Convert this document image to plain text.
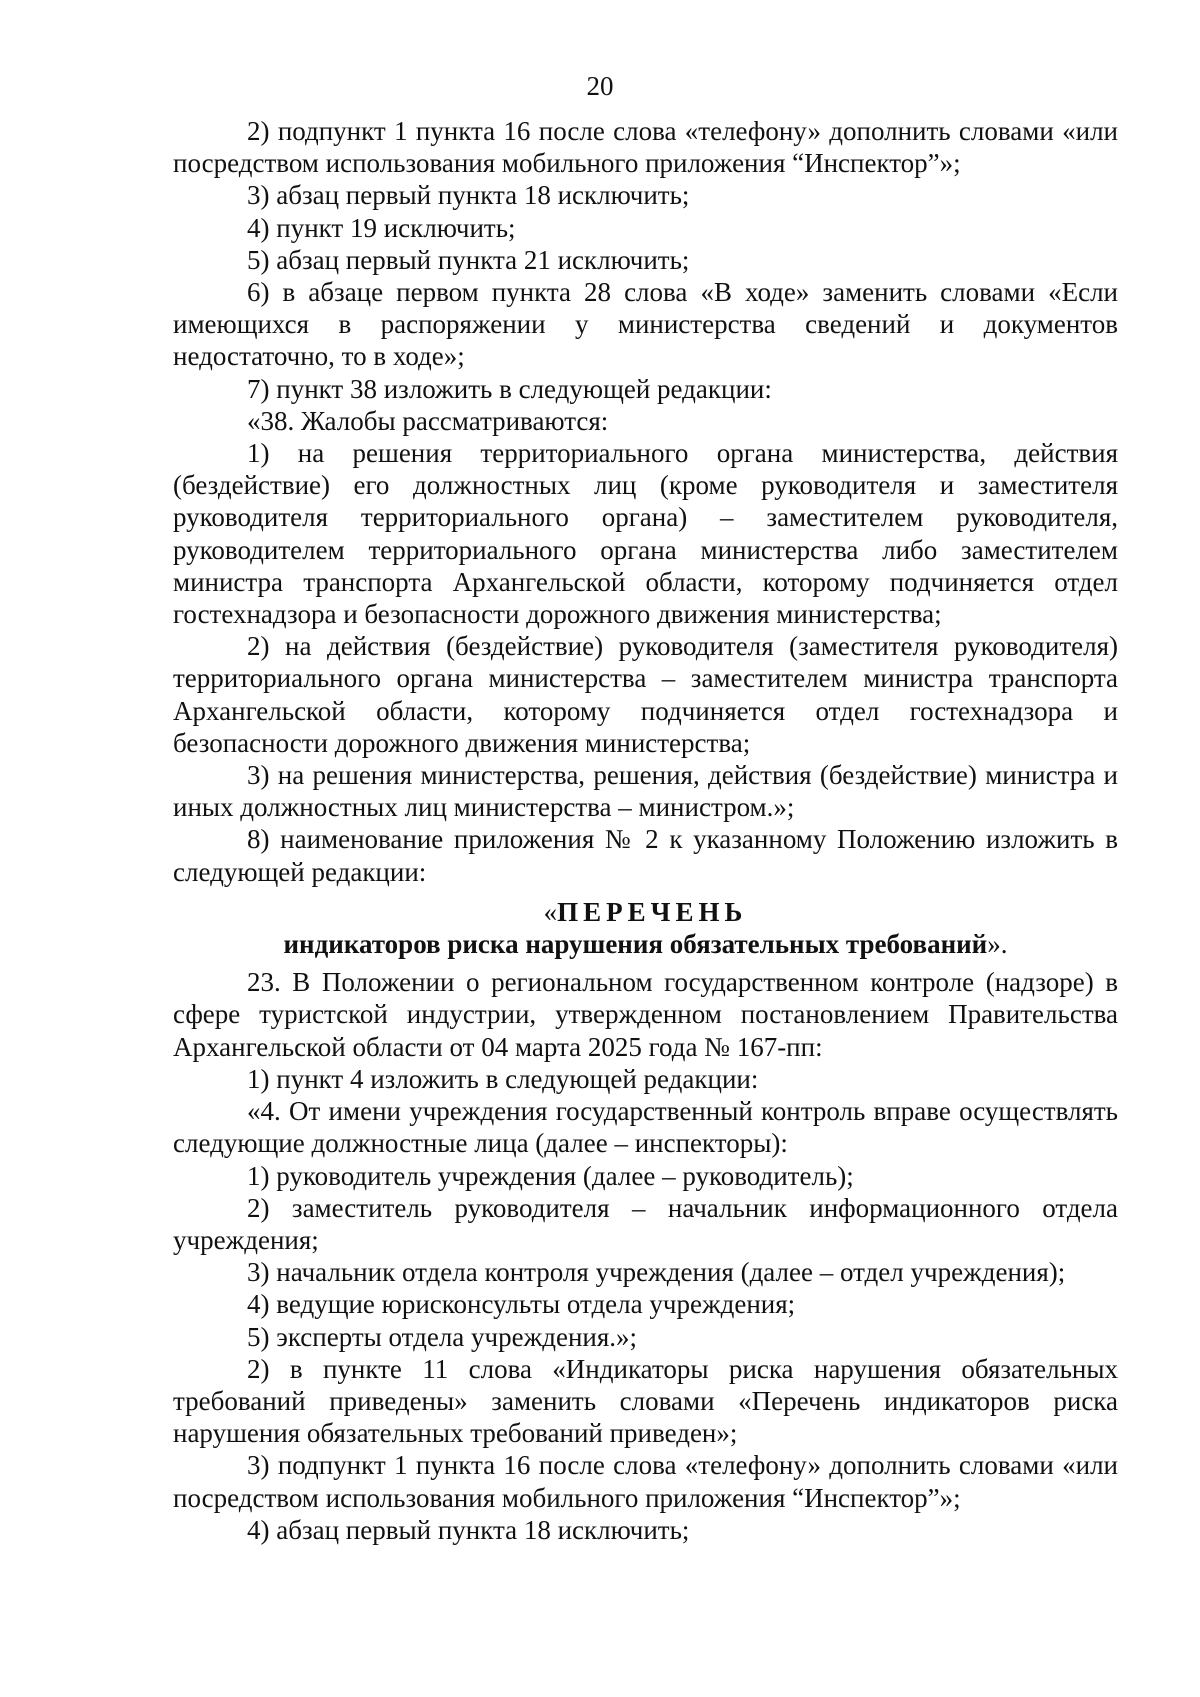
20

2) подпункт 1 пункта 16 после слова «телефону» дополнить словами «или посредством использования мобильного приложения “Инспектор”»;

3) абзац первый пункта 18 исключить;

4) пункт 19 исключить;

5) абзац первый пункта 21 исключить;

6) в абзаце первом пункта 28 слова «В ходе» заменить словами «Если имеющихся в распоряжении у министерства сведений и документов недостаточно, то в ходе»;

7) пункт 38 изложить в следующей редакции:

«38. Жалобы рассматриваются:

1) на решения территориального органа министерства, действия (бездействие) его должностных лиц (кроме руководителя и заместителя руководителя территориального органа) – заместителем руководителя, руководителем территориального органа министерства либо заместителем министра транспорта Архангельской области, которому подчиняется отдел гостехнадзора и безопасности дорожного движения министерства;

2) на действия (бездействие) руководителя (заместителя руководителя) территориального органа министерства – заместителем министра транспорта Архангельской области, которому подчиняется отдел гостехнадзора и безопасности дорожного движения министерства;

3) на решения министерства, решения, действия (бездействие) министра и иных должностных лиц министерства – министром.»;

8) наименование приложения № 2 к указанному Положению изложить в следующей редакции:

«ПЕРЕЧЕНЬ

индикаторов риска нарушения обязательных требований».

23. В Положении о региональном государственном контроле (надзоре) в сфере туристской индустрии, утвержденном постановлением Правительства Архангельской области от 04 марта 2025 года № 167-пп:

1) пункт 4 изложить в следующей редакции:

«4. От имени учреждения государственный контроль вправе осуществлять следующие должностные лица (далее – инспекторы):

1) руководитель учреждения (далее – руководитель);

2) заместитель руководителя – начальник информационного отдела учреждения;

3) начальник отдела контроля учреждения (далее – отдел учреждения);

4) ведущие юрисконсульты отдела учреждения;

5) эксперты отдела учреждения.»;

2) в пункте 11 слова «Индикаторы риска нарушения обязательных требований приведены» заменить словами «Перечень индикаторов риска нарушения обязательных требований приведен»;

3) подпункт 1 пункта 16 после слова «телефону» дополнить словами «или посредством использования мобильного приложения “Инспектор”»;

4) абзац первый пункта 18 исключить;
